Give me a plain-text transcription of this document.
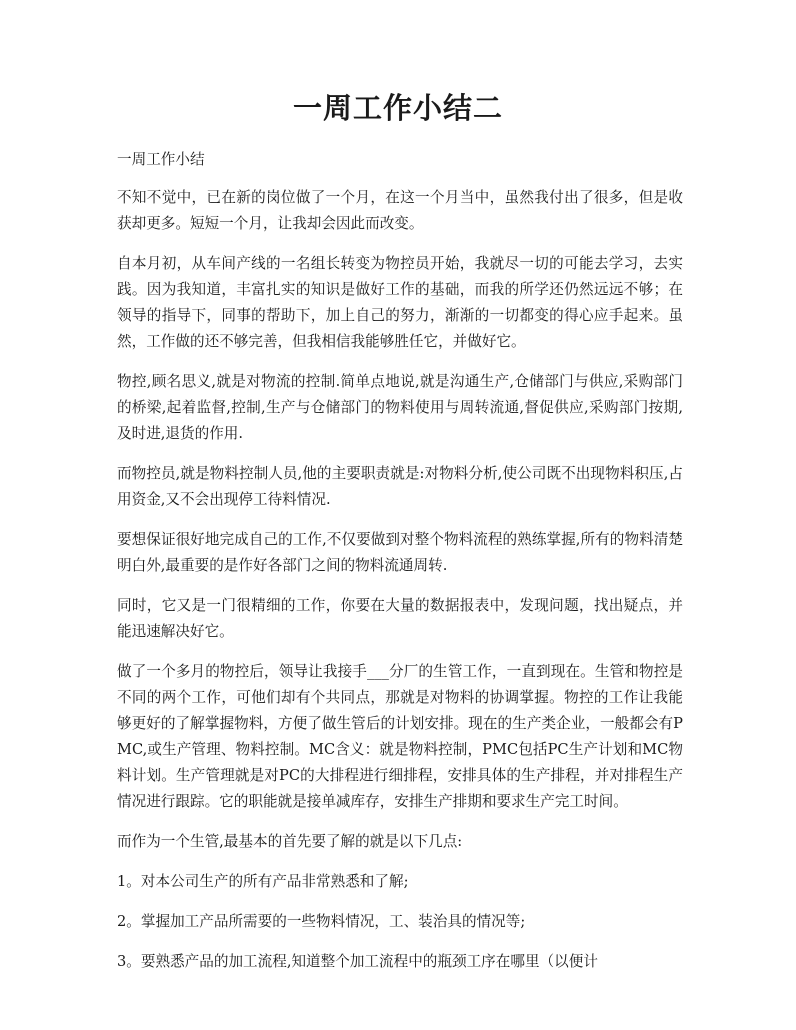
一周工作小结二

一周工作小结

不知不觉中，已在新的岗位做了一个月，在这一个月当中，虽然我付出了很多，但是收获却更多。短短一个月，让我却会因此而改变。

自本月初，从车间产线的一名组长转变为物控员开始，我就尽一切的可能去学习，去实践。因为我知道，丰富扎实的知识是做好工作的基础，而我的所学还仍然远远不够；在领导的指导下，同事的帮助下，加上自己的努力，渐渐的一切都变的得心应手起来。虽然，工作做的还不够完善，但我相信我能够胜任它，并做好它。

物控,顾名思义,就是对物流的控制.简单点地说,就是沟通生产,仓储部门与供应,采购部门的桥梁,起着监督,控制,生产与仓储部门的物料使用与周转流通,督促供应,采购部门按期,及时进,退货的作用.

而物控员,就是物料控制人员,他的主要职责就是:对物料分析,使公司既不出现物料积压,占用资金,又不会出现停工待料情况.

要想保证很好地完成自己的工作,不仅要做到对整个物料流程的熟练掌握,所有的物料清楚明白外,最重要的是作好各部门之间的物料流通周转.

同时，它又是一门很精细的工作，你要在大量的数据报表中，发现问题，找出疑点，并能迅速解决好它。

做了一个多月的物控后，领导让我接手___分厂的生管工作，一直到现在。生管和物控是不同的两个工作，可他们却有个共同点，那就是对物料的协调掌握。物控的工作让我能够更好的了解掌握物料，方便了做生管后的计划安排。现在的生产类企业，一般都会有PMC,或生产管理、物料控制。MC含义：就是物料控制，PMC包括PC生产计划和MC物料计划。生产管理就是对PC的大排程进行细排程，安排具体的生产排程，并对排程生产情况进行跟踪。它的职能就是接单减库存，安排生产排期和要求生产完工时间。

而作为一个生管,最基本的首先要了解的就是以下几点:

1。对本公司生产的所有产品非常熟悉和了解;

2。掌握加工产品所需要的一些物料情况，工、装治具的情况等;

3。要熟悉产品的加工流程,知道整个加工流程中的瓶颈工序在哪里（以便计
